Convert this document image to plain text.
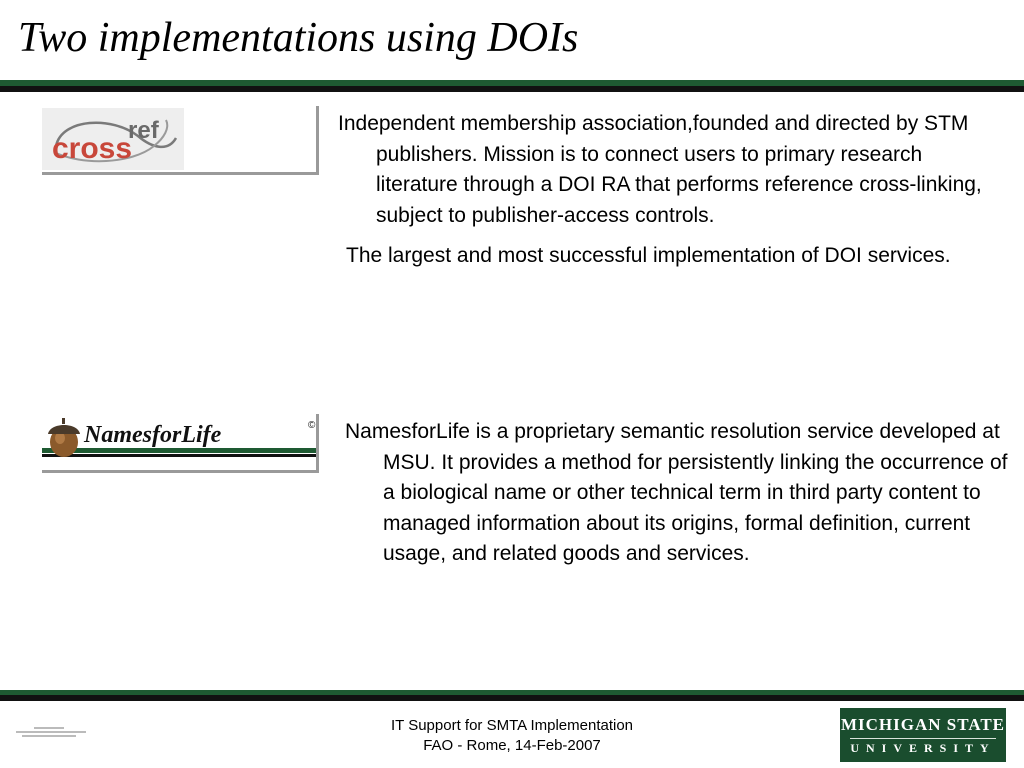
Two implementations using DOIs
cross
ref	Independent membership association,founded and directed by STM publishers. Mission is to connect users to primary research literature through a DOI RA that performs reference cross-linking, subject to publisher-access controls.

The largest and most successful implementation of DOI services.

NamesforLife	© NamesforLife is a proprietary semantic resolution service developed at MSU. It provides a method for persistently linking the occurrence of a biological name or other technical term in third party content to managed information about its origins, formal definition, current usage, and related goods and services.

IT Support for SMTA Implementation
FAO - Rome, 14-Feb-2007
MICHIGAN STATE
UNIVERSITY
